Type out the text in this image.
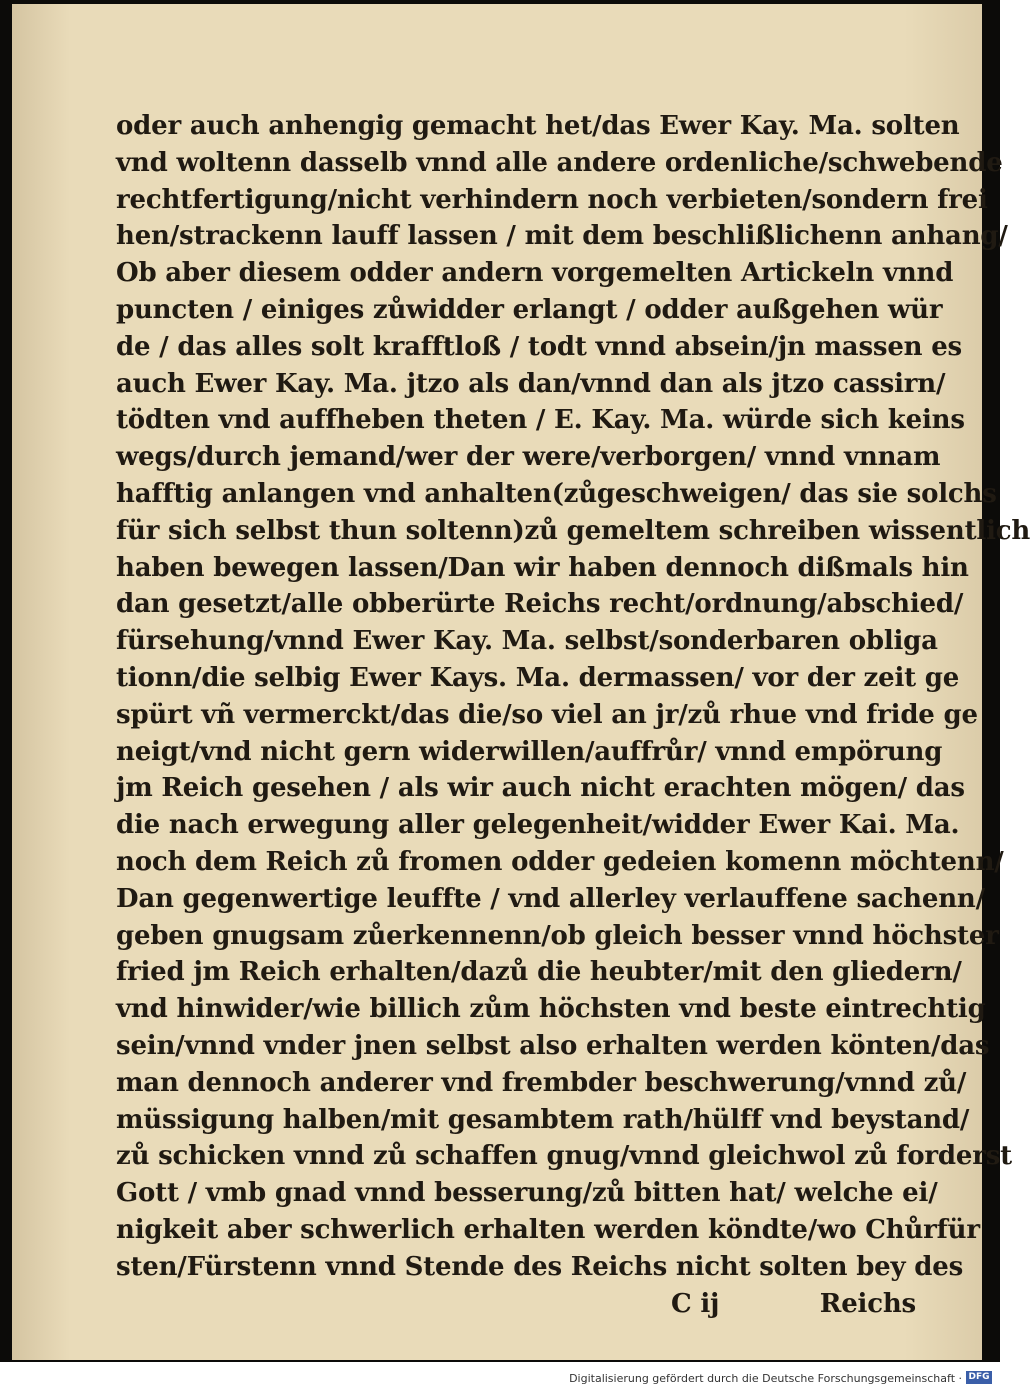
oder auch anhengig gemacht het/das Ewer Kay. Ma. solten
vnd woltenn dasselb vnnd alle andere ordenliche/schwebende
rechtfertigung/nicht verhindern noch verbieten/sondern frei
hen/strackenn lauff lassen / mit dem beschlißlichenn anhang/
Ob aber diesem odder andern vorgemelten Artickeln vnnd
puncten / einiges zůwidder erlangt / odder außgehen wür
de / das alles solt krafftloß / todt vnnd absein/jn massen es
auch Ewer Kay. Ma. jtzo als dan/vnnd dan als jtzo cassirn/
tödten vnd auffheben theten / E. Kay. Ma. würde sich keins
wegs/durch jemand/wer der were/verborgen/ vnnd vnnam
hafftig anlangen vnd anhalten(zůgeschweigen/ das sie solchs
für sich selbst thun soltenn)zů gemeltem schreiben wissentlich
haben bewegen lassen/Dan wir haben dennoch dißmals hin
dan gesetzt/alle obberürte Reichs recht/ordnung/abschied/
fürsehung/vnnd Ewer Kay. Ma. selbst/sonderbaren obliga
tionn/die selbig Ewer Kays. Ma. dermassen/ vor der zeit ge
spürt vñ vermerckt/das die/so viel an jr/zů rhue vnd fride ge
neigt/vnd nicht gern widerwillen/auffrůr/ vnnd empörung
jm Reich gesehen / als wir auch nicht erachten mögen/ das
die nach erwegung aller gelegenheit/widder Ewer Kai. Ma.
noch dem Reich zů fromen odder gedeien komenn möchtenn/
Dan gegenwertige leuffte / vnd allerley verlauffene sachenn/
geben gnugsam zůerkennenn/ob gleich besser vnnd höchster
fried jm Reich erhalten/dazů die heubter/mit den gliedern/
vnd hinwider/wie billich zům höchsten vnd beste eintrechtig
sein/vnnd vnder jnen selbst also erhalten werden könten/das
man dennoch anderer vnd frembder beschwerung/vnnd zů/
müssigung halben/mit gesambtem rath/hülff vnd beystand/
zů schicken vnnd zů schaffen gnug/vnnd gleichwol zů forderst
Gott / vmb gnad vnnd besserung/zů bitten hat/ welche ei/
nigkeit aber schwerlich erhalten werden köndte/wo Chůrfür
sten/Fürstenn vnnd Stende des Reichs nicht solten bey des
C ij	Reichs
Digitalisierung gefördert durch die Deutsche Forschungsgemeinschaft · DFG
